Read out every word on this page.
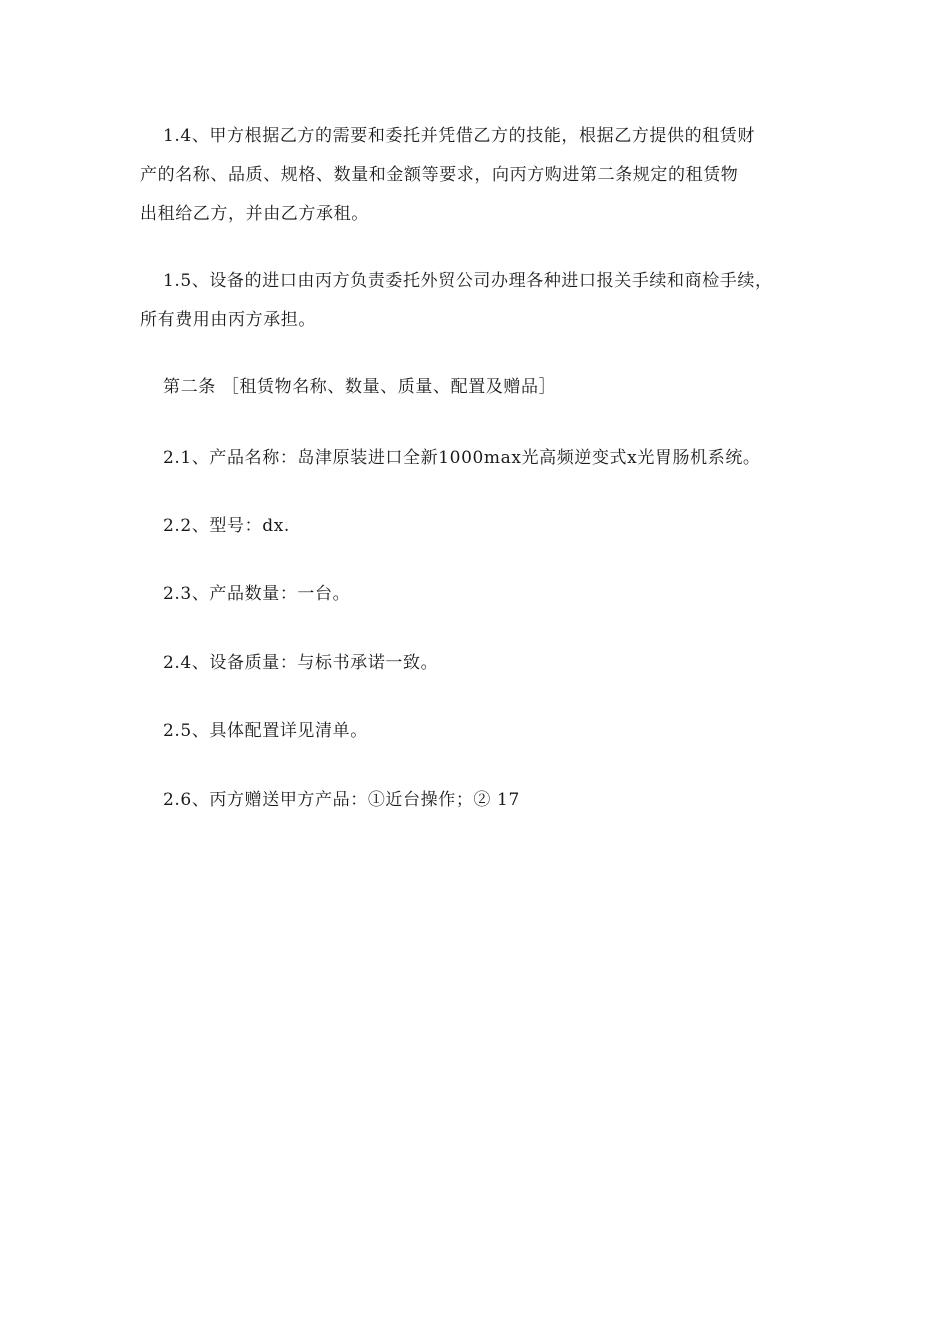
1.4、甲方根据乙方的需要和委托并凭借乙方的技能，根据乙方提供的租赁财
产的名称、品质、规格、数量和金额等要求，向丙方购进第二条规定的租赁物
出租给乙方，并由乙方承租。
1.5、设备的进口由丙方负责委托外贸公司办理各种进口报关手续和商检手续，
所有费用由丙方承担。
第二条 ［租赁物名称、数量、质量、配置及赠品］
2.1、产品名称：岛津原装进口全新1000max光高频逆变式x光胃肠机系统。
2.2、型号：dx.
2.3、产品数量：一台。
2.4、设备质量：与标书承诺一致。
2.5、具体配置详见清单。
2.6、丙方赠送甲方产品：①近台操作；② 17
